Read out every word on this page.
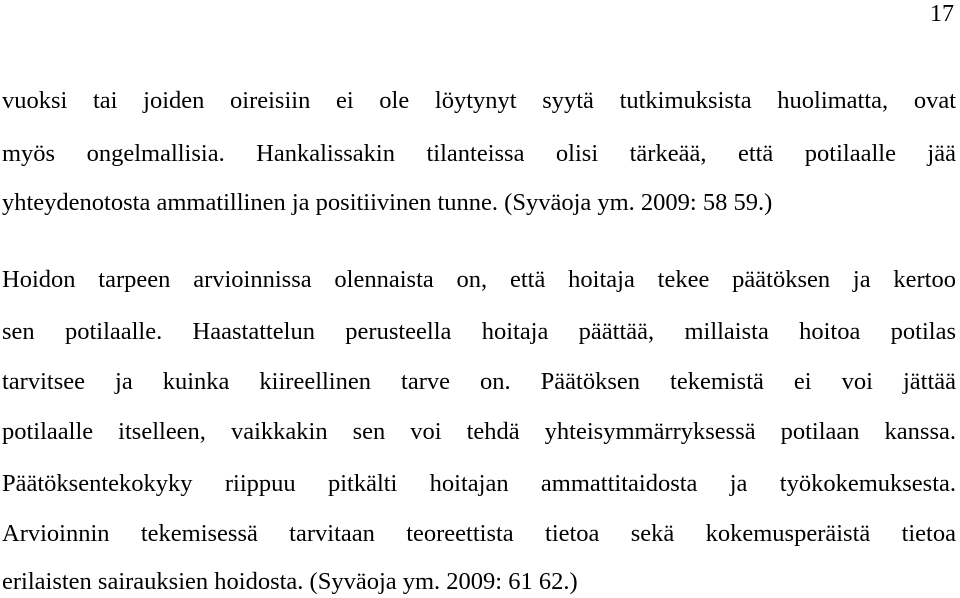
17
vuoksi tai joiden oireisiin ei ole löytynyt syytä tutkimuksista huolimatta, ovat
myös ongelmallisia. Hankalissakin tilanteissa olisi tärkeää, että potilaalle jää
yhteydenotosta ammatillinen ja positiivinen tunne. (Syväoja ym. 2009: 58 59.)
Hoidon tarpeen arvioinnissa olennaista on, että hoitaja tekee päätöksen ja kertoo
sen potilaalle. Haastattelun perusteella hoitaja päättää, millaista hoitoa potilas
tarvitsee ja kuinka kiireellinen tarve on. Päätöksen tekemistä ei voi jättää
potilaalle itselleen, vaikkakin sen voi tehdä yhteisymmärryksessä potilaan kanssa.
Päätöksentekokyky riippuu pitkälti hoitajan ammattitaidosta ja työkokemuksesta.
Arvioinnin tekemisessä tarvitaan teoreettista tietoa sekä kokemusperäistä tietoa
erilaisten sairauksien hoidosta. (Syväoja ym. 2009: 61 62.)
